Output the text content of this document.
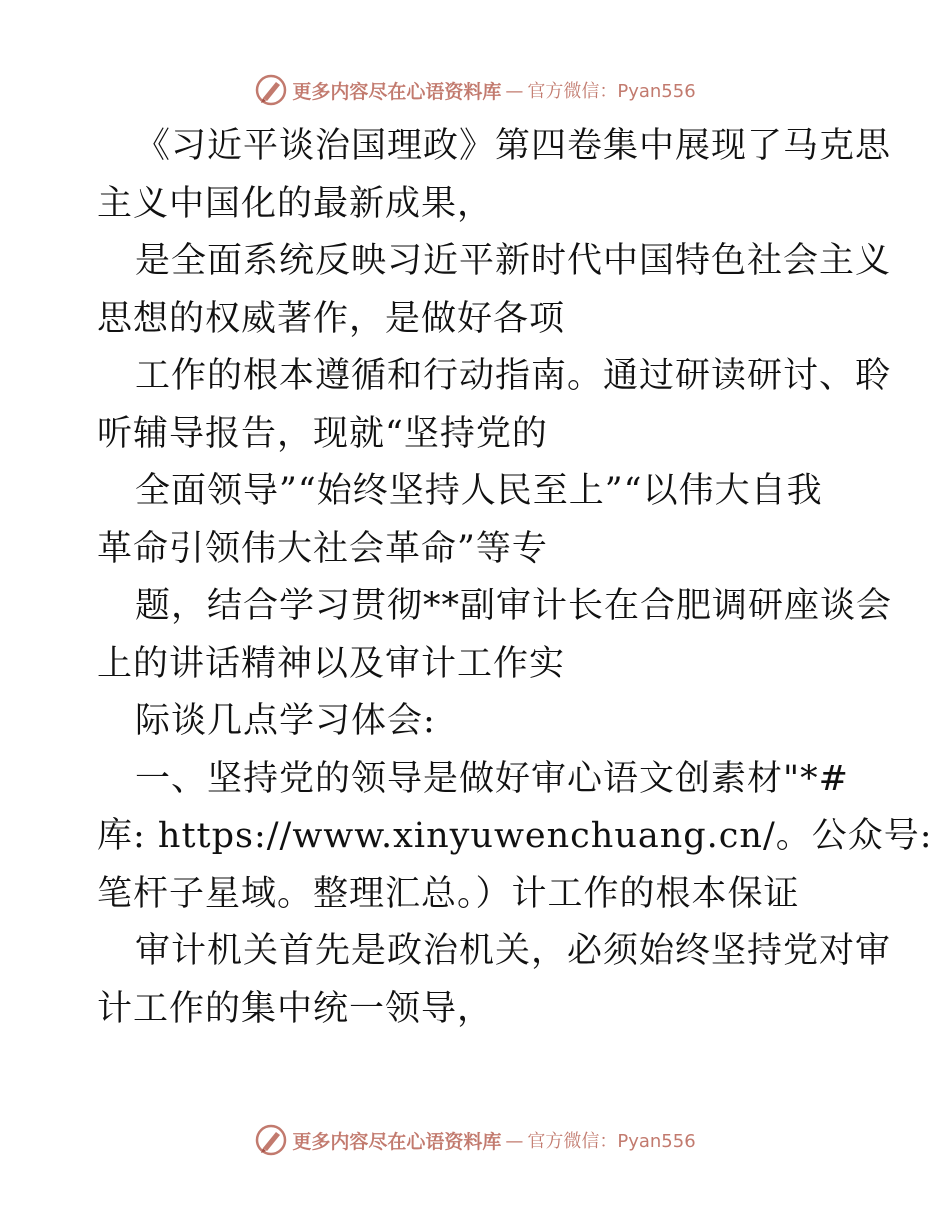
更多内容尽在心语资料库 — 官方微信：Pyan556
《习近平谈治国理政》第四卷集中展现了马克思
主义中国化的最新成果，
是全面系统反映习近平新时代中国特色社会主义
思想的权威著作，是做好各项
工作的根本遵循和行动指南。通过研读研讨、聆
听辅导报告，现就“坚持党的
全面领导”“始终坚持人民至上”“以伟大自我
革命引领伟大社会革命”等专
题，结合学习贯彻**副审计长在合肥调研座谈会
上的讲话精神以及审计工作实
际谈几点学习体会:
一、坚持党的领导是做好审心语文创素材"*#
库: https://www.xinyuwenchuang.cn/。公众号:
笔杆子星域。整理汇总。）计工作的根本保证
审计机关首先是政治机关，必须始终坚持党对审
计工作的集中统一领导，
更多内容尽在心语资料库 — 官方微信：Pyan556
